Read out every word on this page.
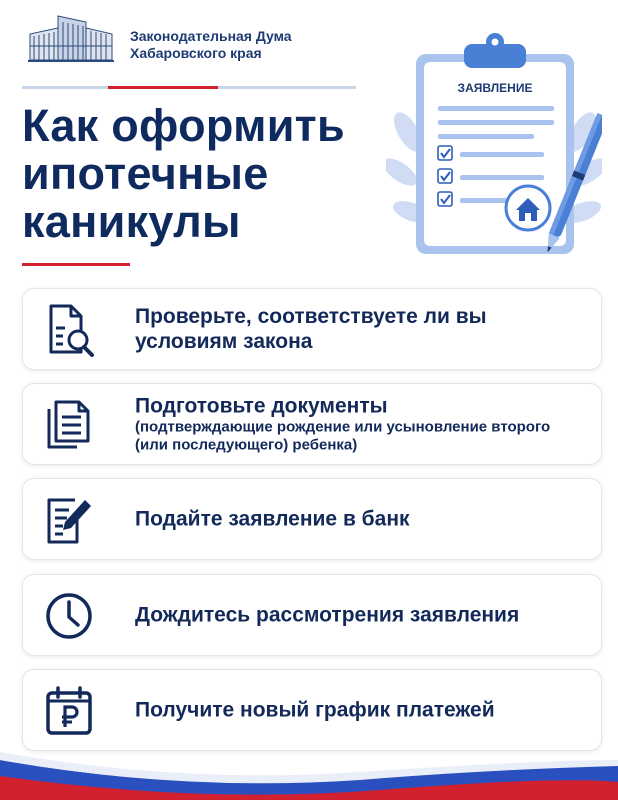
Законодательная Дума
Хабаровского края
Как оформить
ипотечные
каникулы
ЗАЯВЛЕНИЕ
Проверьте, соответствуете ли вы условиям закона
Подготовьте документы
(подтверждающие рождение или усыновление второго (или последующего) ребенка)
Подайте заявление в банк
Дождитесь рассмотрения заявления
Получите новый график платежей
